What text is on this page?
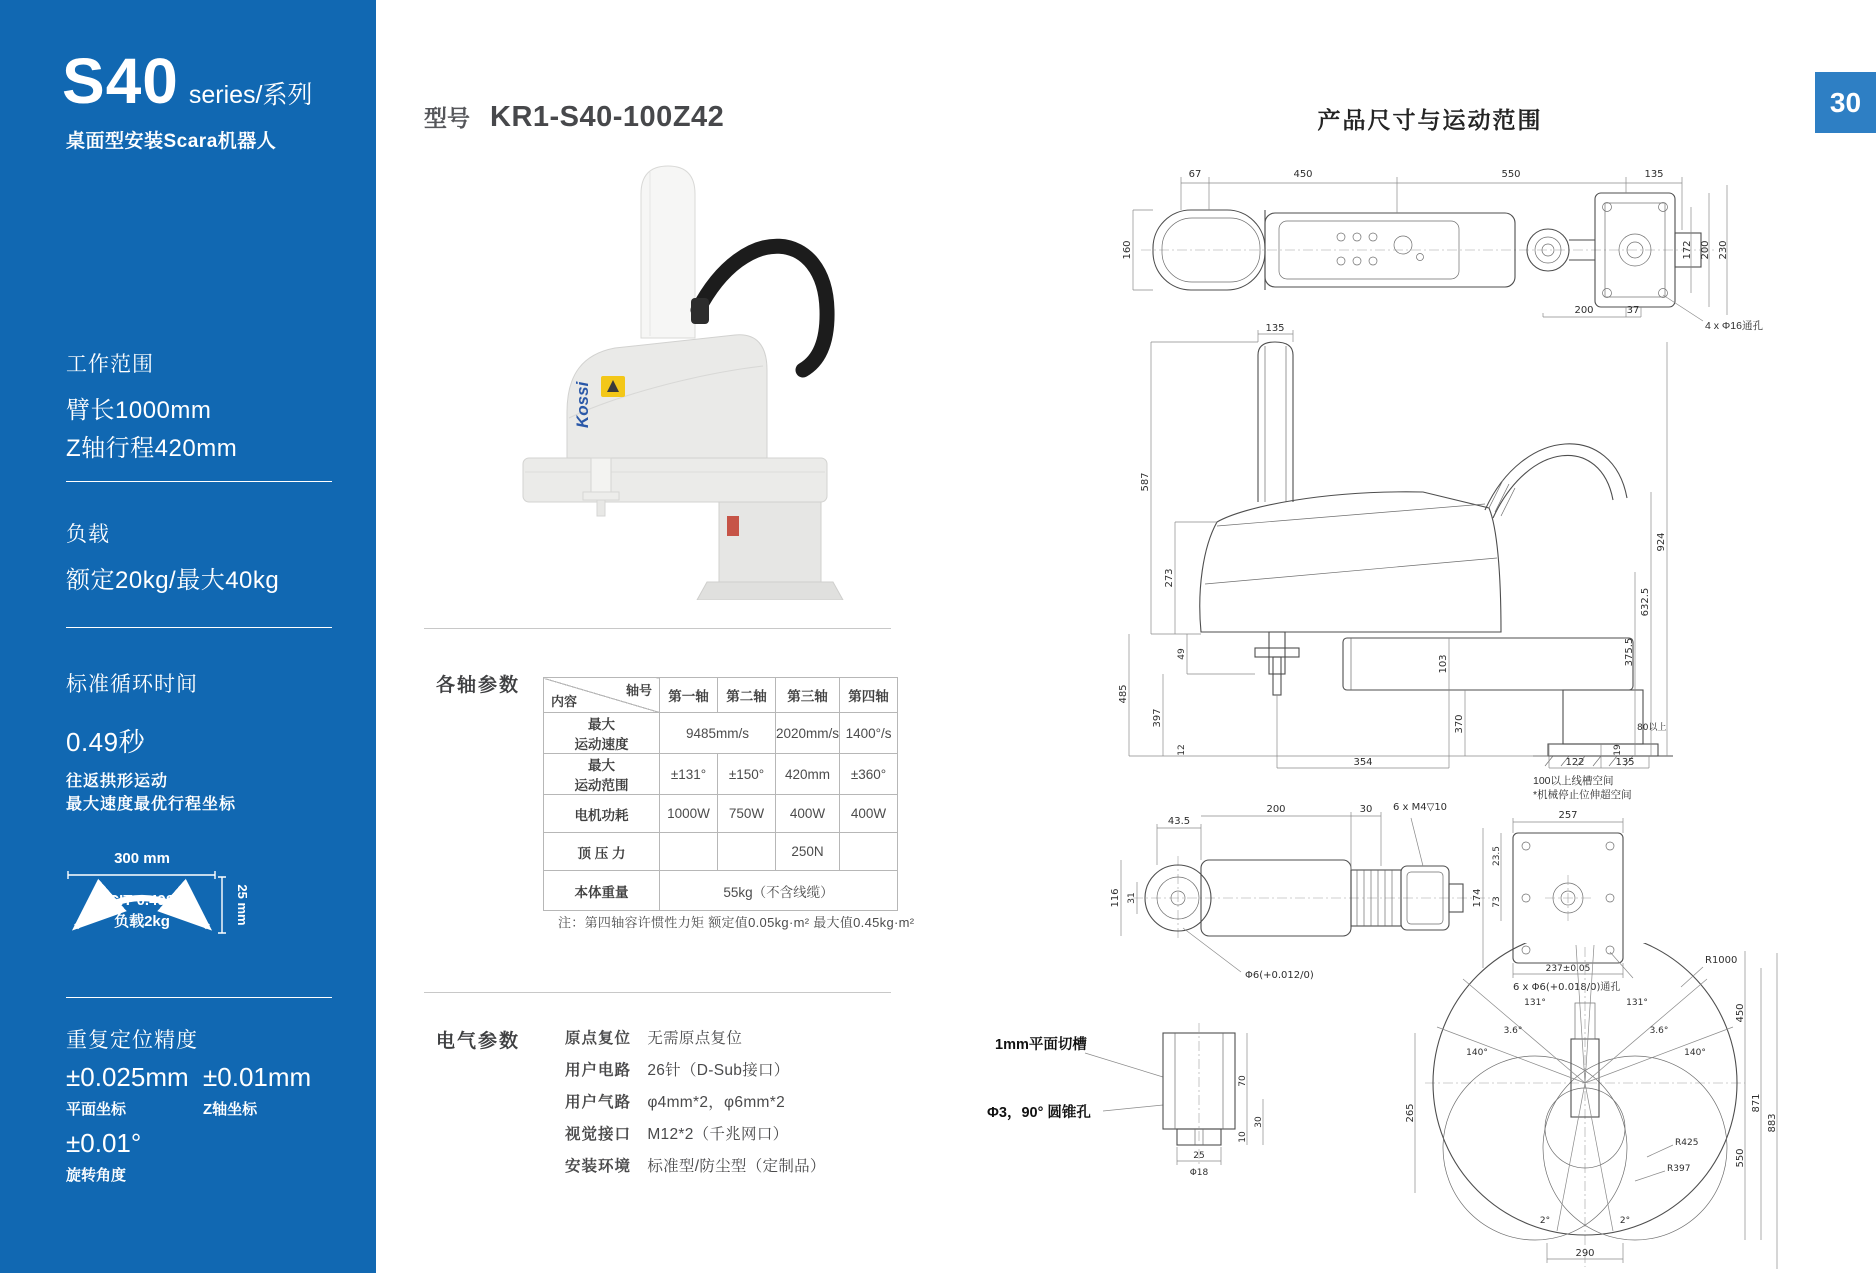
S40 series/系列
桌面型安装Scara机器人
工作范围
臂长1000mm
Z轴行程420mm
负载
额定20kg/最大40kg
标准循环时间
0.49秒
往返拱形运动
最大速度最优行程坐标
300 mm
CIT 0.49S
负载2kg	25 mm
重复定位精度
±0.025mm
平面坐标
±0.01mm
Z轴坐标
±0.01°
旋转角度
型号 KR1-S40-100Z42
Kossi
各轴参数	轴号
内容	第一轴	第二轴	第三轴	第四轴

最大
运动速度	9485mm/s		2020mm/s	1400°/s

最大
运动范围	±131°	±150°	420mm	±360°
电机功耗	1000W	750W	400W	400W
顶 压 力			250N	
本体重量	55kg（不含线缆）			
注：第四轴容许惯性力矩 额定值0.05kg·m² 最大值0.45kg·m²
电气参数	原点复位 无需原点复位
用户电路 26针（D-Sub接口）
用户气路 φ4mm*2，φ6mm*2
视觉接口 M12*2（千兆网口）
安装环境 标准型/防尘型（定制品）
产品尺寸与运动范围
30
67	450	550	135
160	172 200 230
200	37
4 x Φ16通孔
135
587
273
49
485
397
12
103
370
354
924
632.5
375.5
19
122	135
80以上
100以上线槽空间
*机械停止位伸超空间
43.5
200	30
174
116 31
23.5
73
257
237±0.05
6 x M4▽10
6 x Φ6(+0.018/0)通孔
Φ6(+0.012/0)
1mm平面切槽
Φ3，90° 圆锥孔
70
10
30
25
Φ18
R1000
R425
R397
131°	131°
3.6°	3.6°
140°	140°
2°	2°
450
550
871
883
265
290
